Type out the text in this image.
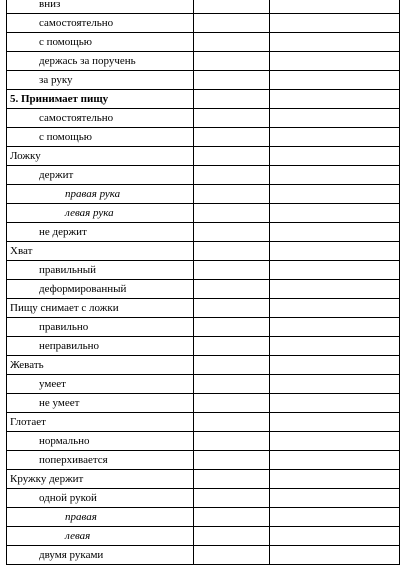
вниз		
самостоятельно		
с помощью		
держась за поручень		
за руку		
5. Принимает пищу		
самостоятельно		
с помощью		
Ложку		
держит		
правая рука		
левая рука		
не держит		
Хват		
правильный		
деформированный		
Пищу снимает с ложки		
правильно		
неправильно		
Жевать		
умеет		
не умеет		
Глотает		
нормально		
поперхивается		
Кружку держит		
одной рукой		
правая		
левая		
двумя руками		
